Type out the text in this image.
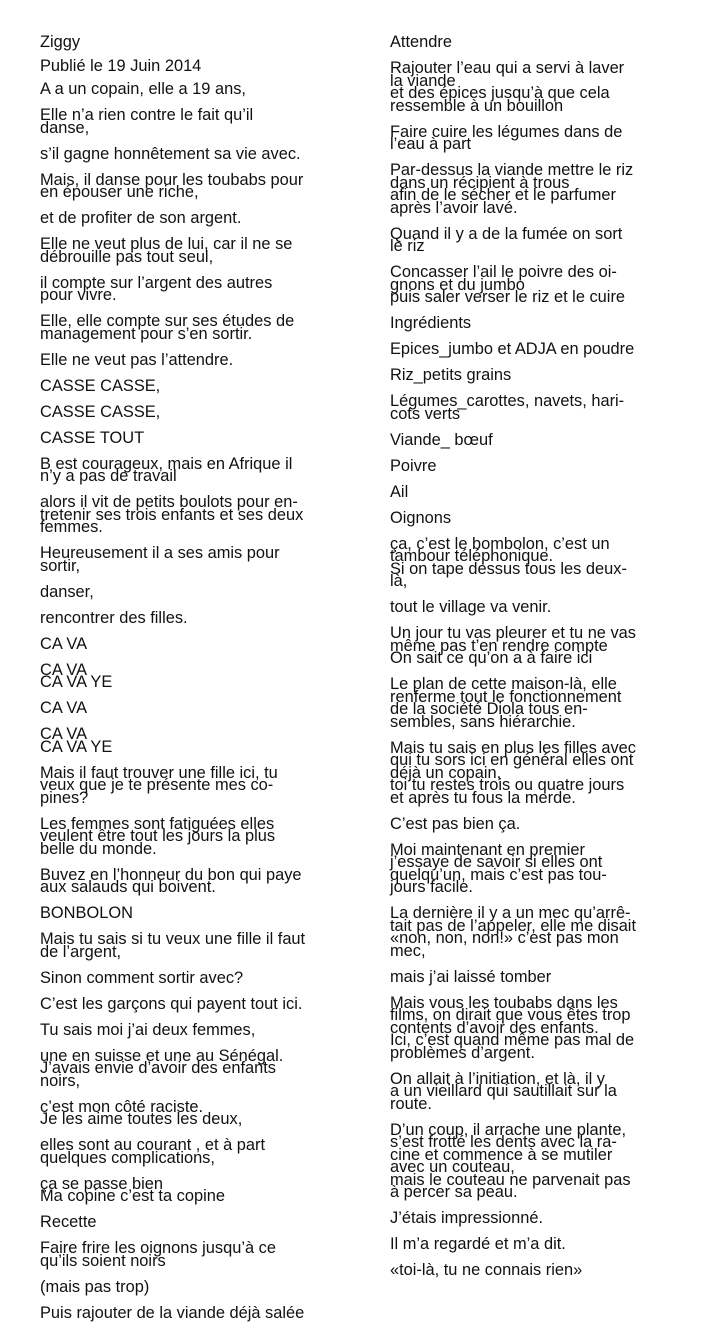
Ziggy
Publié le 19 Juin 2014
A a un copain, elle a 19 ans,
Elle n’a rien contre le fait qu’il
danse,
s’il gagne honnêtement sa vie avec.
Mais, il danse pour les toubabs pour
en épouser une riche,
et de profiter de son argent.
Elle ne veut plus de lui, car il ne se
débrouille pas tout seul,
il compte sur l’argent des autres
pour vivre.
Elle, elle compte sur ses études de
management pour s’en sortir.
Elle ne veut pas l’attendre.
CASSE CASSE,
CASSE CASSE,
CASSE TOUT
B est courageux, mais en Afrique il
n’y a pas de travail
alors il vit de petits boulots pour en-
tretenir ses trois enfants et ses deux
femmes.
Heureusement il a ses amis pour
sortir,
danser,
rencontrer des filles.
CA VA
CA VA
CA VA YE
CA VA
CA VA
CA VA YE
Mais il faut trouver une fille ici, tu
veux que je te présente mes co-
pines?
Les femmes sont fatiguées elles
veulent être tout les jours la plus
belle du monde.
Buvez en l’honneur du bon qui paye
aux salauds qui boivent.
BONBOLON
Mais tu sais si tu veux une fille il faut
de l’argent,
Sinon comment sortir avec?
C’est les garçons qui payent tout ici.
Tu sais moi j’ai deux femmes,
une en suisse et une au Sénégal.
J’avais envie d’avoir des enfants
noirs,
c’est mon côté raciste.
Je les aime toutes les deux,
elles sont au courant , et à part
quelques complications,
ça se passe bien
Ma copine c’est ta copine
Recette
Faire frire les oignons jusqu’à ce
qu’ils soient noirs
(mais pas trop)
Puis rajouter de la viande déjà salée
Attendre
Rajouter l’eau qui a servi à laver
la viande
et des épices jusqu’à que cela
ressemble à un bouillon
Faire cuire les légumes dans de
l’eau à part
Par-dessus la viande mettre le riz
dans un récipient à trous
afin de le sécher et le parfumer
après l’avoir lavé.
Quand il y a de la fumée on sort
le riz
Concasser l’ail le poivre des oi-
gnons et du jumbo
puis saler verser le riz et le cuire
Ingrédients
Epices_jumbo et ADJA en poudre
Riz_petits grains
Légumes_carottes, navets, hari-
cots verts
Viande_ bœuf
Poivre
Ail
Oignons
ça, c’est le bombolon, c’est un
tambour téléphonique.
Si on tape dessus tous les deux-
là,
tout le village va venir.
Un jour tu vas pleurer et tu ne vas
même pas t’en rendre compte
On sait ce qu’on a à faire ici
Le plan de cette maison-là, elle
renferme tout le fonctionnement
de la société Diola tous en-
sembles, sans hiérarchie.
Mais tu sais en plus les filles avec
qui tu sors ici en général elles ont
déjà un copain,
toi tu restes trois ou quatre jours
et après tu fous la merde.
C’est pas bien ça.
Moi maintenant en premier
j’essaye de savoir si elles ont
quelqu’un, mais c’est pas tou-
jours facile.
La dernière il y a un mec qu’arrê-
tait pas de l’appeler, elle me disait
«non, non, non!» c’est pas mon
mec,
mais j’ai laissé tomber
Mais vous les toubabs dans les
films, on dirait que vous êtes trop
contents d’avoir des enfants.
Ici, c’est quand même pas mal de
problèmes d’argent.
On allait à l’initiation, et là, il y
a un vieillard qui sautillait sur la
route.
D’un coup, il arrache une plante,
s’est frotté les dents avec la ra-
cine et commence à se mutiler
avec un couteau,
mais le couteau ne parvenait pas
à percer sa peau.
J’étais impressionné.
Il m’a regardé et m’a dit.
«toi-là, tu ne connais rien»
